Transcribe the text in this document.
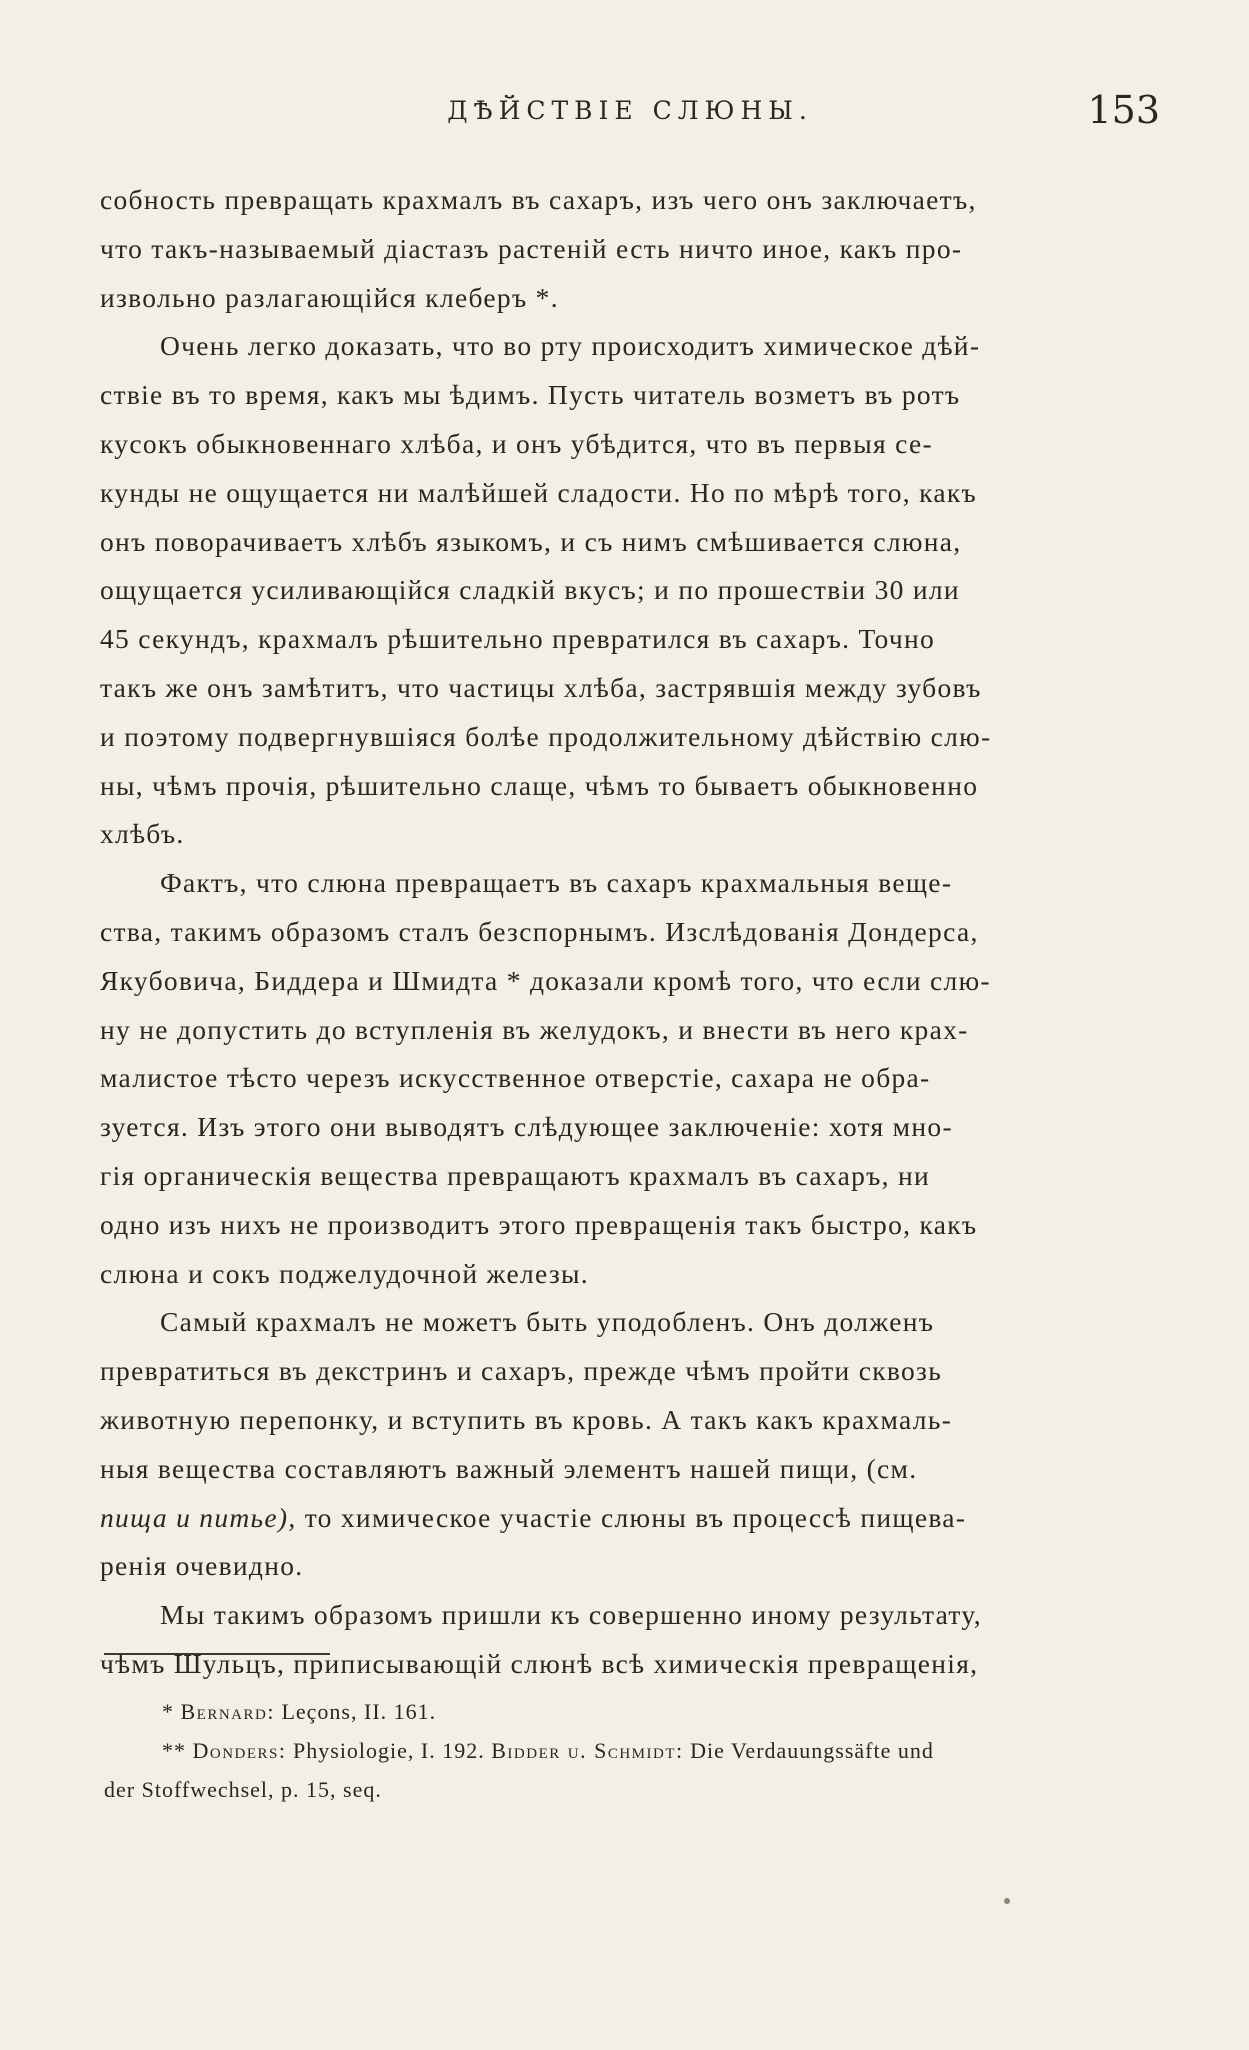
ДѢЙСТВІЕ СЛЮНЫ.	153
собность превращать крахмалъ въ сахаръ, изъ чего онъ заключаетъ,
что такъ-называемый діастазъ растеній есть ничто иное, какъ про-
извольно разлагающійся клеберъ *.
Очень легко доказать, что во рту происходитъ химическое дѣй-
ствіе въ то время, какъ мы ѣдимъ. Пусть читатель возметъ въ ротъ
кусокъ обыкновеннаго хлѣба, и онъ убѣдится, что въ первыя се-
кунды не ощущается ни малѣйшей сладости. Но по мѣрѣ того, какъ
онъ поворачиваетъ хлѣбъ языкомъ, и съ нимъ смѣшивается слюна,
ощущается усиливающійся сладкій вкусъ; и по прошествіи 30 или
45 секундъ, крахмалъ рѣшительно превратился въ сахаръ. Точно
такъ же онъ замѣтитъ, что частицы хлѣба, застрявшія между зубовъ
и поэтому подвергнувшіяся болѣе продолжительному дѣйствію слю-
ны, чѣмъ прочія, рѣшительно слаще, чѣмъ то бываетъ обыкновенно
хлѣбъ.
Фактъ, что слюна превращаетъ въ сахаръ крахмальныя веще-
ства, такимъ образомъ сталъ безспорнымъ. Изслѣдованія Дондерса,
Якубовича, Биддера и Шмидта * доказали кромѣ того, что если слю-
ну не допустить до вступленія въ желудокъ, и внести въ него крах-
малистое тѣсто черезъ искусственное отверстіе, сахара не обра-
зуется. Изъ этого они выводятъ слѣдующее заключеніе: хотя мно-
гія органическія вещества превращаютъ крахмалъ въ сахаръ, ни
одно изъ нихъ не производитъ этого превращенія такъ быстро, какъ
слюна и сокъ поджелудочной железы.
Самый крахмалъ не можетъ быть уподобленъ. Онъ долженъ
превратиться въ декстринъ и сахаръ, прежде чѣмъ пройти сквозь
животную перепонку, и вступить въ кровь. А такъ какъ крахмаль-
ныя вещества составляютъ важный элементъ нашей пищи, (см.
пища и питье), то химическое участіе слюны въ процессѣ пищева-
ренія очевидно.
Мы такимъ образомъ пришли къ совершенно иному результату,
чѣмъ Шульцъ, приписывающій слюнѣ всѣ химическія превращенія,
* Bernard: Leçons, II. 161.
** Donders: Physiologie, I. 192. Bidder u. Schmidt: Die Verdauungssäfte und
der Stoffwechsel, p. 15, seq.
